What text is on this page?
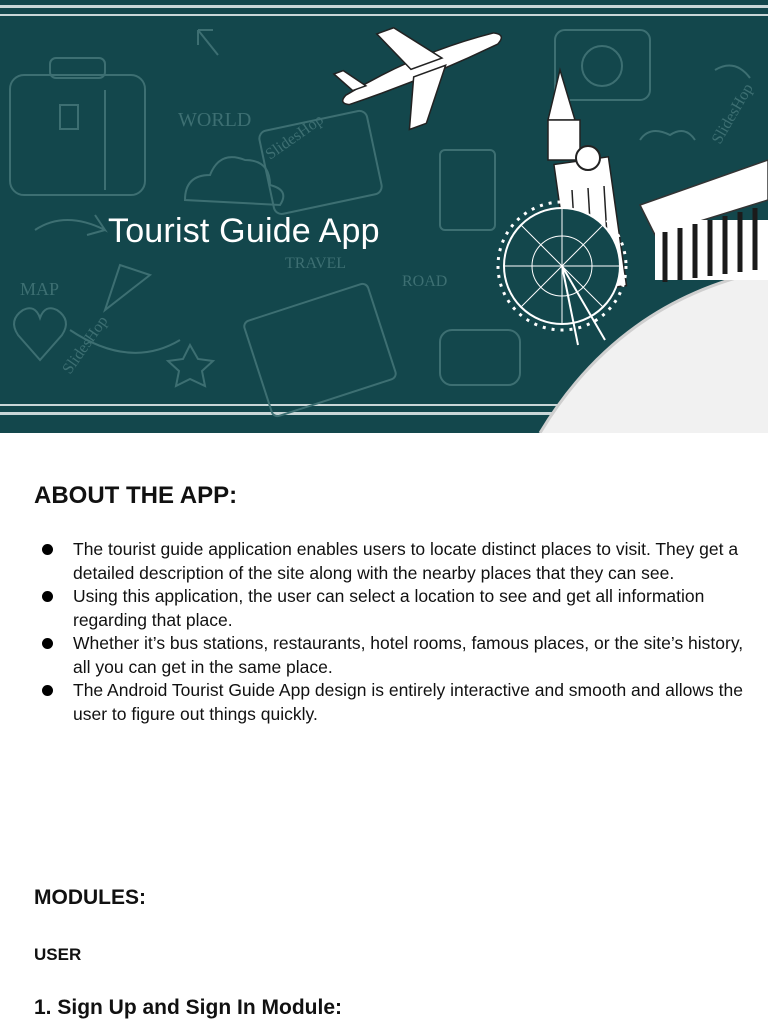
WORLD
TRAVEL
MAP	ROAD
SlidesHop
SlidesHop
SlidesHop
Tourist Guide App
ABOUT THE APP:
The tourist guide application enables users to locate distinct places to visit. They get a detailed description of the site along with the nearby places that they can see.
Using this application, the user can select a location to see and get all information regarding that place.
Whether it’s bus stations, restaurants, hotel rooms, famous places, or the site’s history, all you can get in the same place.
The Android Tourist Guide App design is entirely interactive and smooth and allows the user to figure out things quickly.
MODULES:
USER
1. Sign Up and Sign In Module:
